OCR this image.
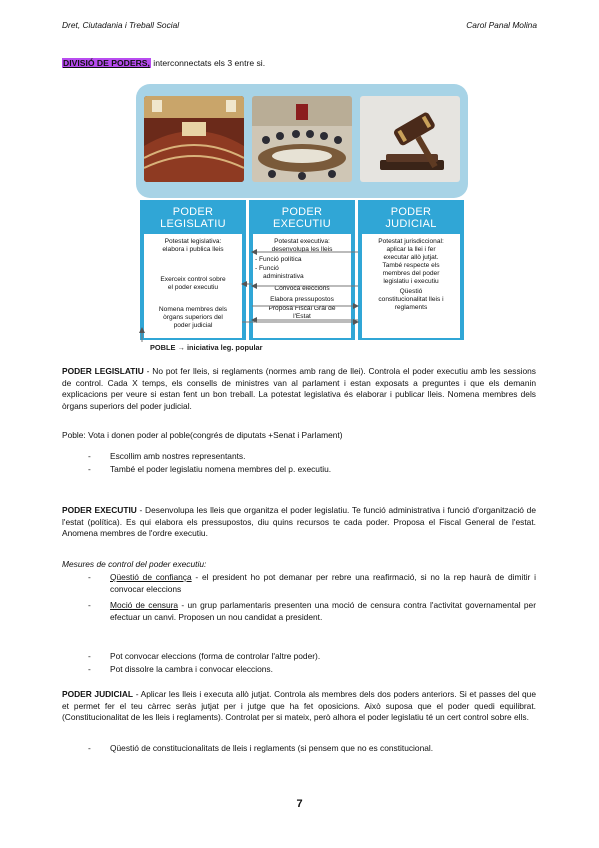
Dret, Ciutadania i Treball Social	Carol Panal Molina
DIVISIÓ DE PODERS, interconnectats els 3 entre si.
PODER
LEGISLATIU
Potestat legislativa:
elabora i publica lleis
Exerceix control sobre
el poder executiu
Nomena membres dels
òrgans superiors del
poder judicial
PODER
EXECUTIU
Potestat executiva:
desenvolupa les lleis
- Funció política
- Funció
administrativa
Convoca eleccions
Elabora pressupostos
Proposa Fiscal Gral de
l'Estat
PODER
JUDICIAL
Potestat jurisdiccional:
aplicar la llei i fer
executar allò jutjat.
També respecte els
membres del poder
legislatiu i executiu
Qüestió
constitucionalitat lleis i
reglaments
POBLE → iniciativa leg. popular
PODER LEGISLATIU - No pot fer lleis, si reglaments (normes amb rang de llei). Controla el poder executiu amb les sessions de control. Cada X temps, els consells de ministres van al parlament i estan exposats a preguntes i que els demanin explicacions per veure si estan fent un bon treball. La potestat legislativa és elaborar i publicar lleis. Nomena membres dels òrgans superiors del poder judicial.
Poble: Vota i donen poder al poble(congrés de diputats +Senat i Parlament)
- Escollim amb nostres representants.
- També el poder legislatiu nomena membres del p. executiu.
PODER EXECUTIU - Desenvolupa les lleis que organitza el poder legislatiu. Te funció administrativa i funció d'organització de l'estat (política). Es qui elabora els pressupostos, diu quins recursos te cada poder. Proposa el Fiscal General de l'estat. Anomena membres de l'ordre executiu.
Mesures de control del poder executiu:
- Qüestió de confiança - el president ho pot demanar per rebre una reafirmació, si no la rep haurà de dimitir i convocar eleccions
- Moció de censura - un grup parlamentaris presenten una moció de censura contra l'activitat governamental per efectuar un canvi. Proposen un nou candidat a president.
- Pot convocar eleccions (forma de controlar l'altre poder).
- Pot dissolre la cambra i convocar eleccions.
PODER JUDICIAL - Aplicar les lleis i executa allò jutjat. Controla als membres dels dos poders anteriors. Si et passes del que et permet fer el teu càrrec seràs jutjat per i jutge que ha fet oposicions. Això suposa que el poder quedi equilibrat. (Constitucionalitat de les lleis i reglaments). Controlat per si mateix, però alhora el poder legislatiu té un cert control sobre ells.
- Qüestió de constitucionalitats de lleis i reglaments (si pensem que no es constitucional.
7
